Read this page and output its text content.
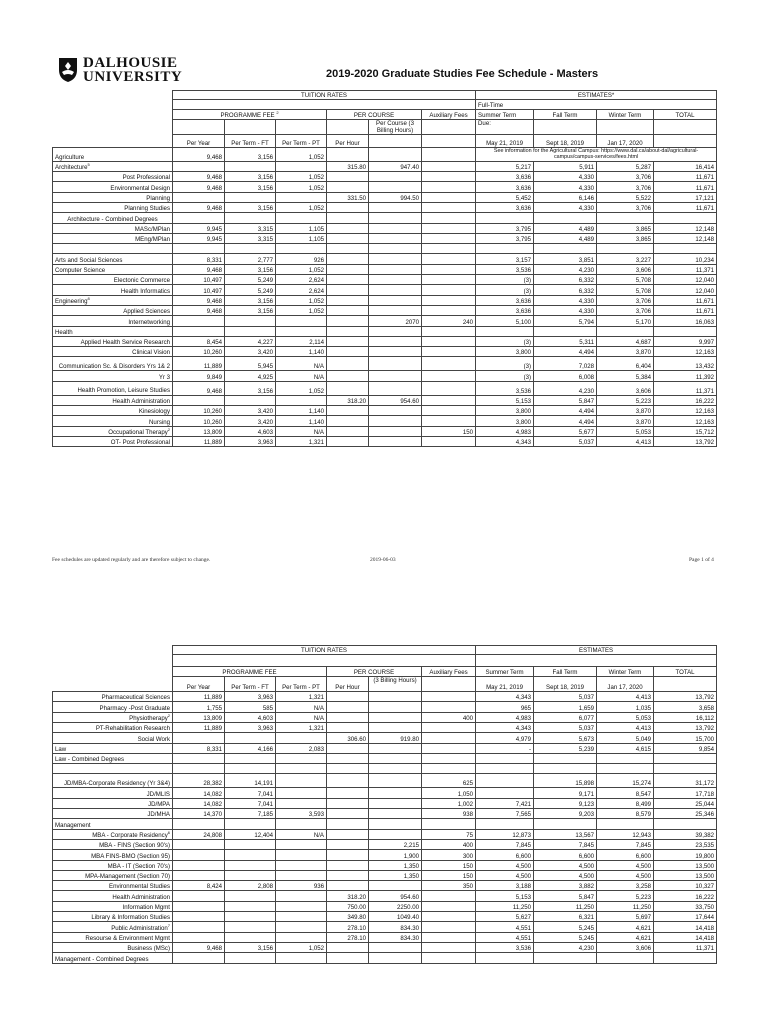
DALHOUSIE
UNIVERSITY	2019-2020 Graduate Studies Fee Schedule - Masters
	TUITION RATES						ESTIMATES*			
							Full-Time			
	PROGRAMME FEE $^2$			PER COURSE		Auxiliary Fees	Summer Term	Fall Term	Winter Term	TOTAL
					Per Course (3 Billing Hours)		Due:			
	Per Year	Per Term - FT	Per Term - PT	Per Hour			May 21, 2019	Sept 18, 2019	Jan 17, 2020	
Agriculture	9,468	3,156	1,052				See information for the Agricultural Campus: https://www.dal.ca/about-dal/agricultural-campus/campus-services/fees.html			
Architecture$^5$				315.80	947.40		5,217	5,911	5,287	16,414
Post Professional	9,468	3,156	1,052				3,636	4,330	3,706	11,671
Environmental Design	9,468	3,156	1,052				3,636	4,330	3,706	11,671
Planning				331.50	994.50		5,452	6,146	5,522	17,121
Planning Studies	9,468	3,156	1,052				3,636	4,330	3,706	11,671
Architecture - Combined Degrees										
MASc/MPlan	9,945	3,315	1,105				3,795	4,489	3,865	12,148
MEng/MPlan	9,945	3,315	1,105				3,795	4,489	3,865	12,148

Arts and Social Sciences	8,331	2,777	926				3,157	3,851	3,227	10,234
Computer Science	9,468	3,156	1,052				3,536	4,230	3,606	11,371
Electonic Commerce	10,497	5,249	2,624				(3)	6,332	5,708	12,040
Health Informatics	10,497	5,249	2,624				(3)	6,332	5,708	12,040
Engineering$^8$	9,468	3,156	1,052				3,636	4,330	3,706	11,671
Applied Sciences	9,468	3,156	1,052				3,636	4,330	3,706	11,671
Internetworking					2070	240	5,100	5,794	5,170	16,063
Health										
Applied Health Service Research	8,454	4,227	2,114				(3)	5,311	4,687	9,997
Clinical Vision	10,260	3,420	1,140				3,800	4,494	3,870	12,163
Communication Sc. & Disorders Yrs 1& 2	11,889	5,945	N/A				(3)	7,028	6,404	13,432
Yr 3	9,849	4,925	N/A				(3)	6,008	5,384	11,392
Health Promotion, Leisure Studies	9,468	3,156	1,052				3,536	4,230	3,606	11,371
Health Administration				318.20	954.60		5,153	5,847	5,223	16,222
Kinesiology	10,260	3,420	1,140				3,800	4,494	3,870	12,163
Nursing	10,260	3,420	1,140				3,800	4,494	3,870	12,163
Occupational Therapy$^2$	13,809	4,603	N/A			150	4,983	5,677	5,053	15,712
OT- Post Professional	11,889	3,963	1,321				4,343	5,037	4,413	13,792
Fee schedules are updated regularly and are therefore subject to change.	2019-06-03	Page 1 of 4
	TUITION RATES						ESTIMATES			

	PROGRAMME FEE			PER COURSE		Auxiliary Fees	Summer Term	Fall Term	Winter Term	TOTAL
	Per Year	Per Term - FT	Per Term - PT	Per Hour	(3 Billing Hours)		May 21, 2019	Sept 18, 2019	Jan 17, 2020	
Pharmaceutical Sciences	11,889	3,963	1,321				4,343	5,037	4,413	13,792
Pharmacy -Post Graduate	1,755	585	N/A				965	1,659	1,035	3,658
Physiotherapy$^2$	13,809	4,603	N/A			400	4,983	6,077	5,053	16,112
PT-Rehabilitation Research	11,889	3,963	1,321				4,343	5,037	4,413	13,792
Social Work				306.60	919.80		4,979	5,673	5,049	15,700
Law	8,331	4,166	2,083				-	5,239	4,615	9,854
Law - Combined Degrees										

JD/MBA-Corporate Residency (Yr 3&4)	28,382	14,191				625		15,898	15,274	31,172
JD/MLIS	14,082	7,041				1,050		9,171	8,547	17,718
JD/MPA	14,082	7,041				1,002	7,421	9,123	8,499	25,044
JD/MHA	14,370	7,185	3,593			938	7,565	9,203	8,579	25,346
Management										
MBA - Corporate Residency$^6$	24,808	12,404	N/A			75	12,873	13,567	12,943	39,382
MBA - FINS (Section 90's)					2,215	400	7,845	7,845	7,845	23,535
MBA FINS-BMO (Section 95)					1,900	300	6,600	6,600	6,600	19,800
MBA - IT (Section 70's)					1,350	150	4,500	4,500	4,500	13,500
MPA-Management (Section 70)					1,350	150	4,500	4,500	4,500	13,500
Environmental Studies	8,424	2,808	936			350	3,188	3,882	3,258	10,327
Health Administration				318.20	954.60		5,153	5,847	5,223	16,222
Information Mgmt				750.00	2250.00		11,250	11,250	11,250	33,750
Library & Information Studies				349.80	1049.40		5,627	6,321	5,697	17,644
Public Administration$^7$				278.10	834.30		4,551	5,245	4,621	14,418
Resourse & Environment Mgmt				278.10	834.30		4,551	5,245	4,621	14,418
Business (MSc)	9,468	3,156	1,052				3,536	4,230	3,606	11,371
Management - Combined Degrees										
